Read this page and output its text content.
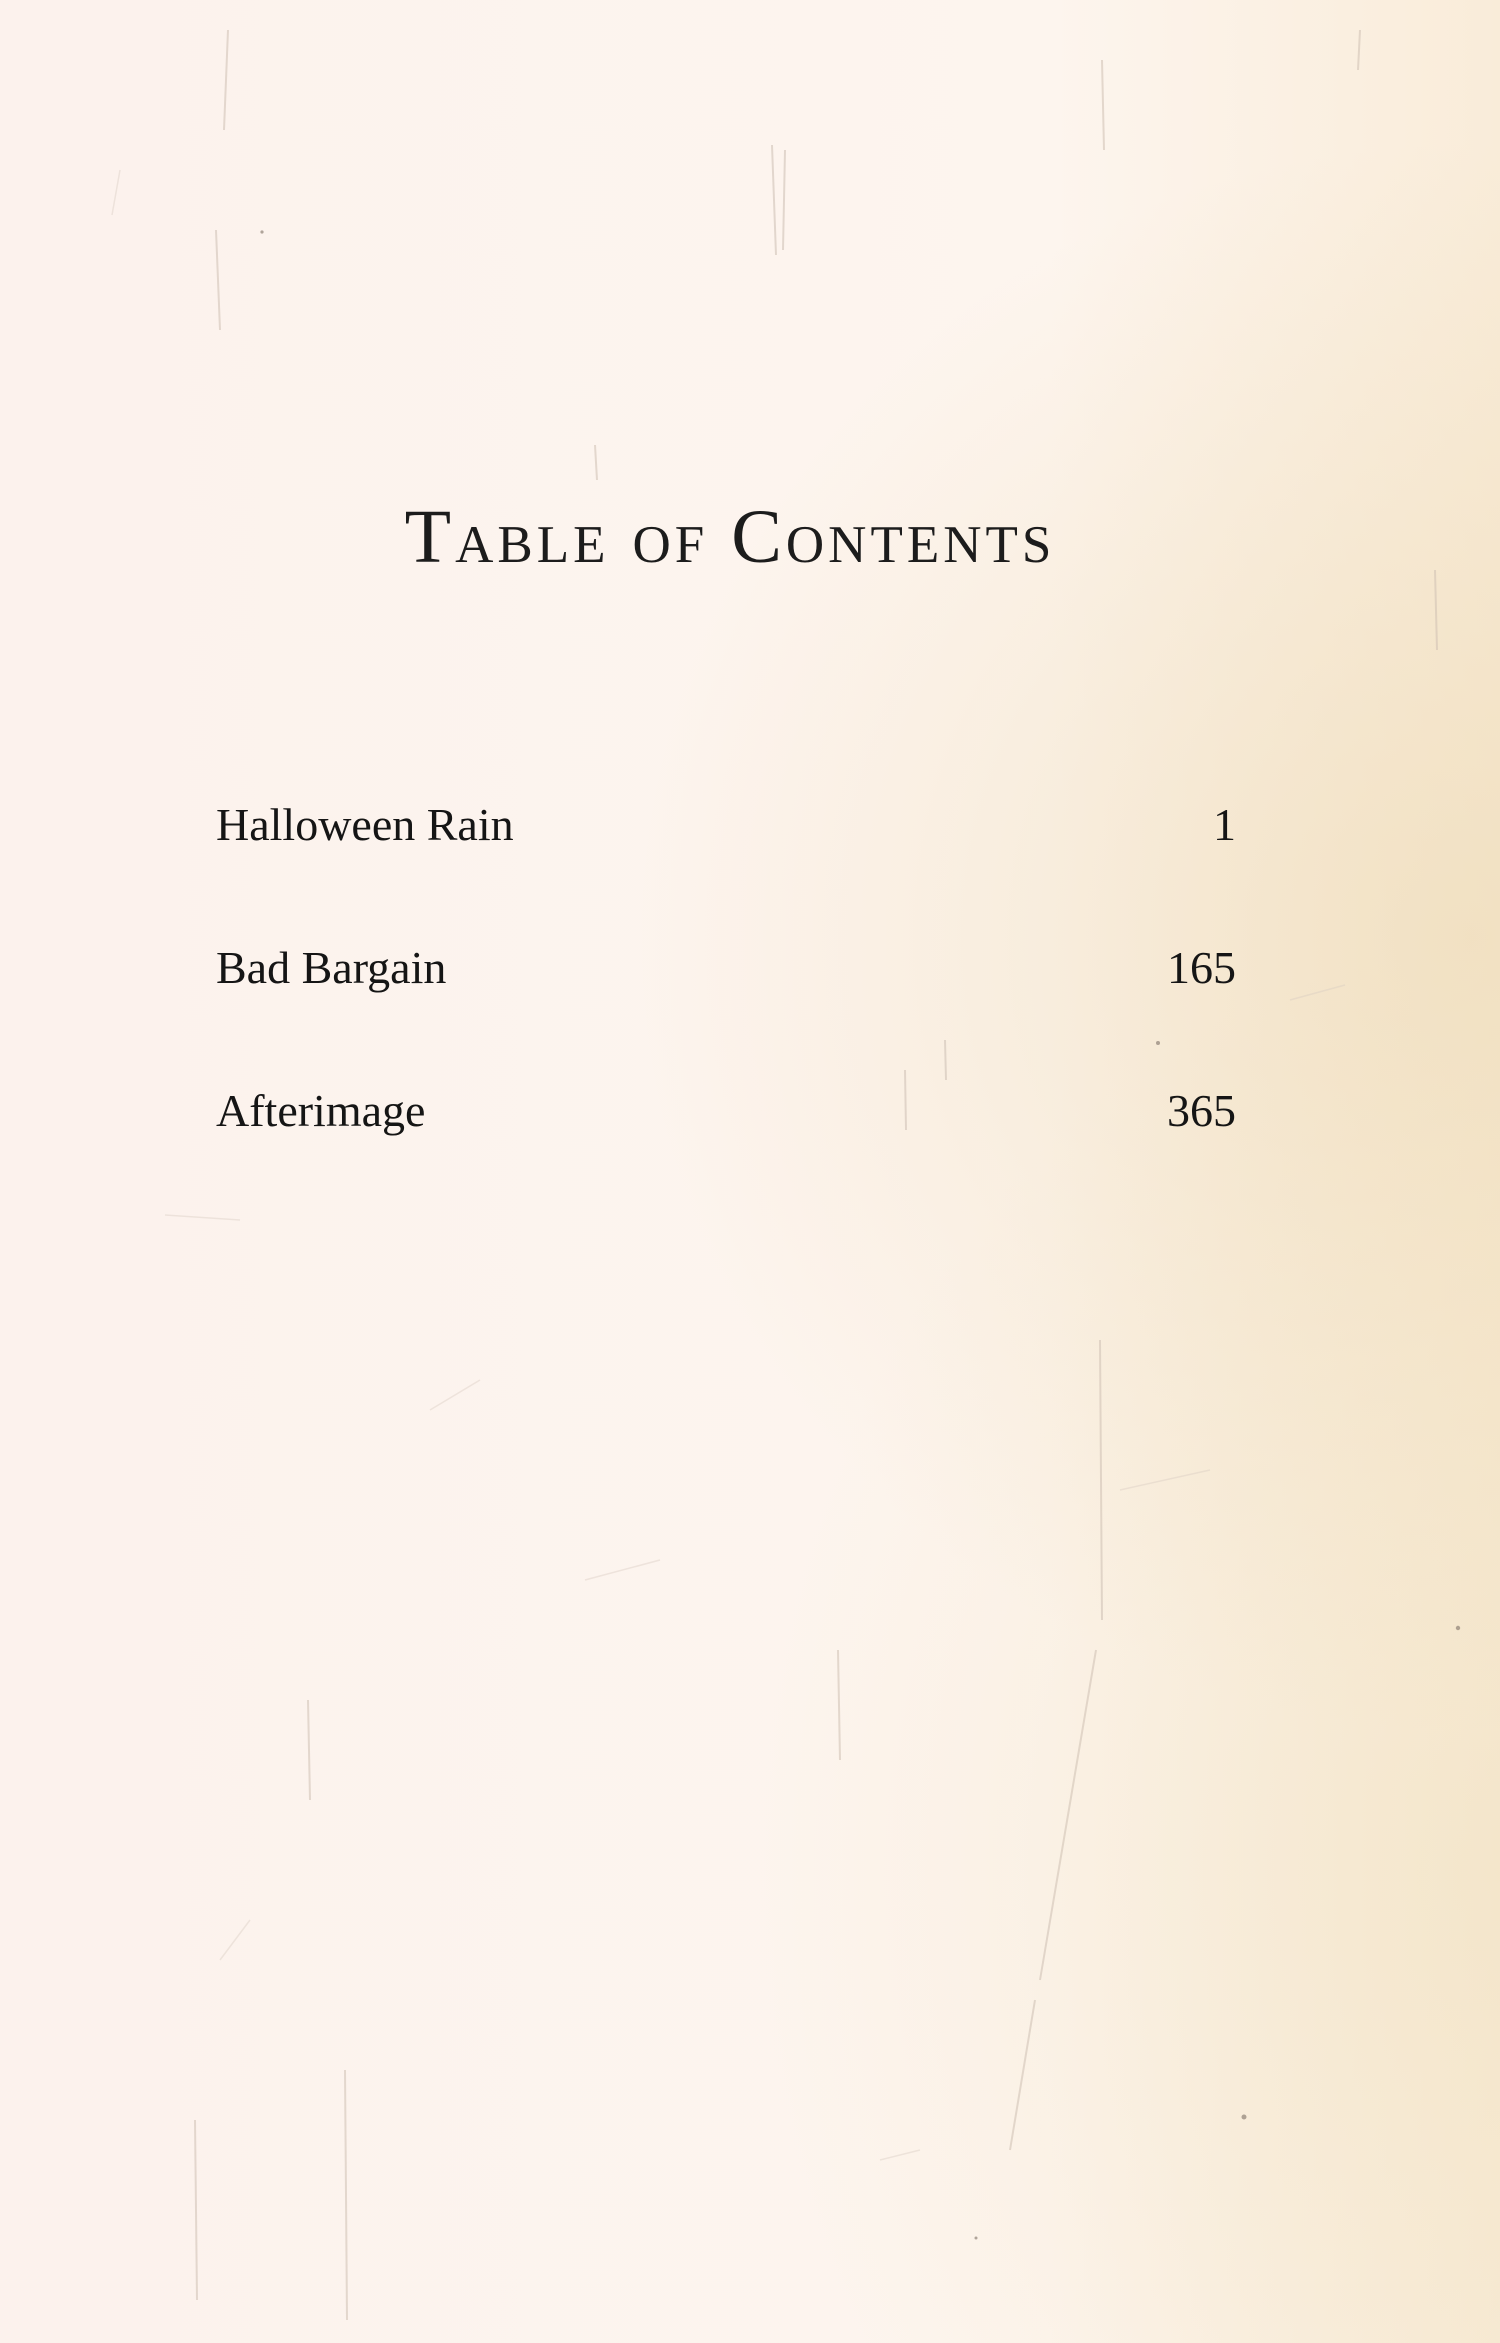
Table of Contents
Halloween Rain	1
Bad Bargain	165
Afterimage	365
